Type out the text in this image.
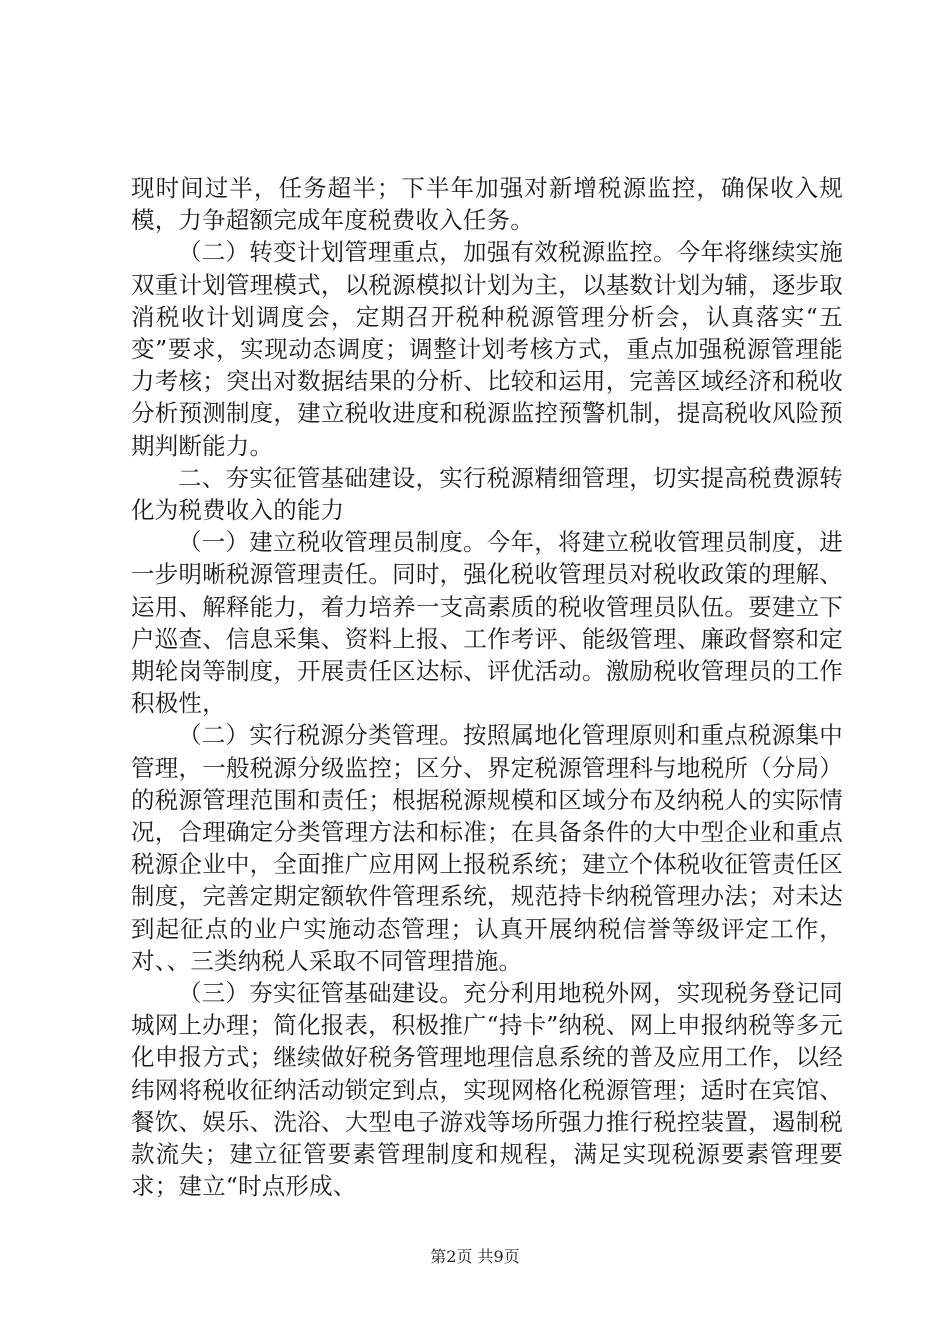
现时间过半，任务超半；下半年加强对新增税源监控，确保收入规模，力争超额完成年度税费收入任务。

（二）转变计划管理重点，加强有效税源监控。今年将继续实施双重计划管理模式，以税源模拟计划为主，以基数计划为辅，逐步取消税收计划调度会，定期召开税种税源管理分析会，认真落实“五变”要求，实现动态调度；调整计划考核方式，重点加强税源管理能力考核；突出对数据结果的分析、比较和运用，完善区域经济和税收分析预测制度，建立税收进度和税源监控预警机制，提高税收风险预期判断能力。

二、夯实征管基础建设，实行税源精细管理，切实提高税费源转化为税费收入的能力

（一）建立税收管理员制度。今年，将建立税收管理员制度，进一步明晰税源管理责任。同时，强化税收管理员对税收政策的理解、运用、解释能力，着力培养一支高素质的税收管理员队伍。要建立下户巡查、信息采集、资料上报、工作考评、能级管理、廉政督察和定期轮岗等制度，开展责任区达标、评优活动。激励税收管理员的工作积极性，

（二）实行税源分类管理。按照属地化管理原则和重点税源集中管理，一般税源分级监控；区分、界定税源管理科与地税所（分局）的税源管理范围和责任；根据税源规模和区域分布及纳税人的实际情况，合理确定分类管理方法和标准；在具备条件的大中型企业和重点税源企业中，全面推广应用网上报税系统；建立个体税收征管责任区制度，完善定期定额软件管理系统，规范持卡纳税管理办法；对未达到起征点的业户实施动态管理；认真开展纳税信誉等级评定工作，对、、三类纳税人采取不同管理措施。

（三）夯实征管基础建设。充分利用地税外网，实现税务登记同城网上办理；简化报表，积极推广“持卡”纳税、网上申报纳税等多元化申报方式；继续做好税务管理地理信息系统的普及应用工作，以经纬网将税收征纳活动锁定到点，实现网格化税源管理；适时在宾馆、餐饮、娱乐、洗浴、大型电子游戏等场所强力推行税控装置，遏制税款流失；建立征管要素管理制度和规程，满足实现税源要素管理要求；建立“时点形成、

第2页 共9页
